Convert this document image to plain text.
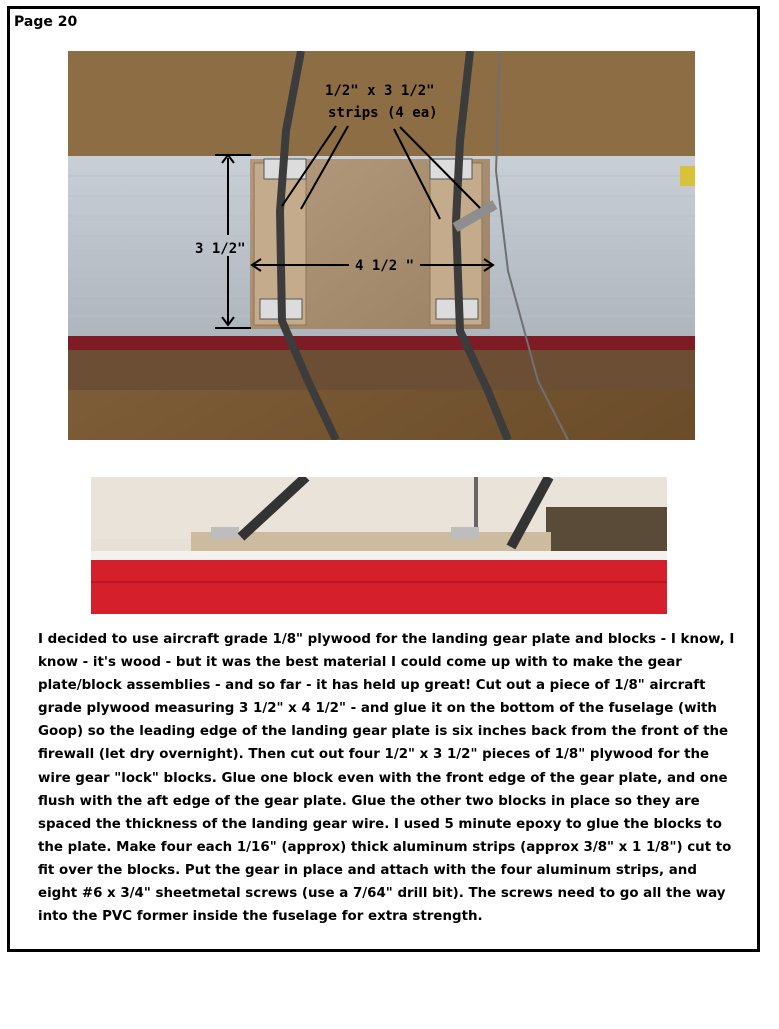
Page 20
1/2" x 3 1/2"
strips (4 ea)
3 1/2"
4 1/2 "
I decided to use aircraft grade 1/8" plywood for the landing gear plate and blocks - I know, I know - it's wood - but it was the best material I could come up with to make the gear plate/block assemblies - and so far - it has held up great! Cut out a piece of 1/8" aircraft grade plywood measuring 3 1/2" x 4 1/2" - and glue it on the bottom of the fuselage (with Goop) so the leading edge of the landing gear plate is six inches back from the front of the firewall (let dry overnight). Then cut out four 1/2" x 3 1/2" pieces of 1/8" plywood for the wire gear "lock" blocks. Glue one block even with the front edge of the gear plate, and one flush with the aft edge of the gear plate. Glue the other two blocks in place so they are spaced the thickness of the landing gear wire. I used 5 minute epoxy to glue the blocks to the plate. Make four each 1/16" (approx) thick aluminum strips (approx 3/8" x 1 1/8") cut to fit over the blocks. Put the gear in place and attach with the four aluminum strips, and eight #6 x 3/4" sheetmetal screws (use a 7/64" drill bit). The screws need to go all the way into the PVC former inside the fuselage for extra strength.
